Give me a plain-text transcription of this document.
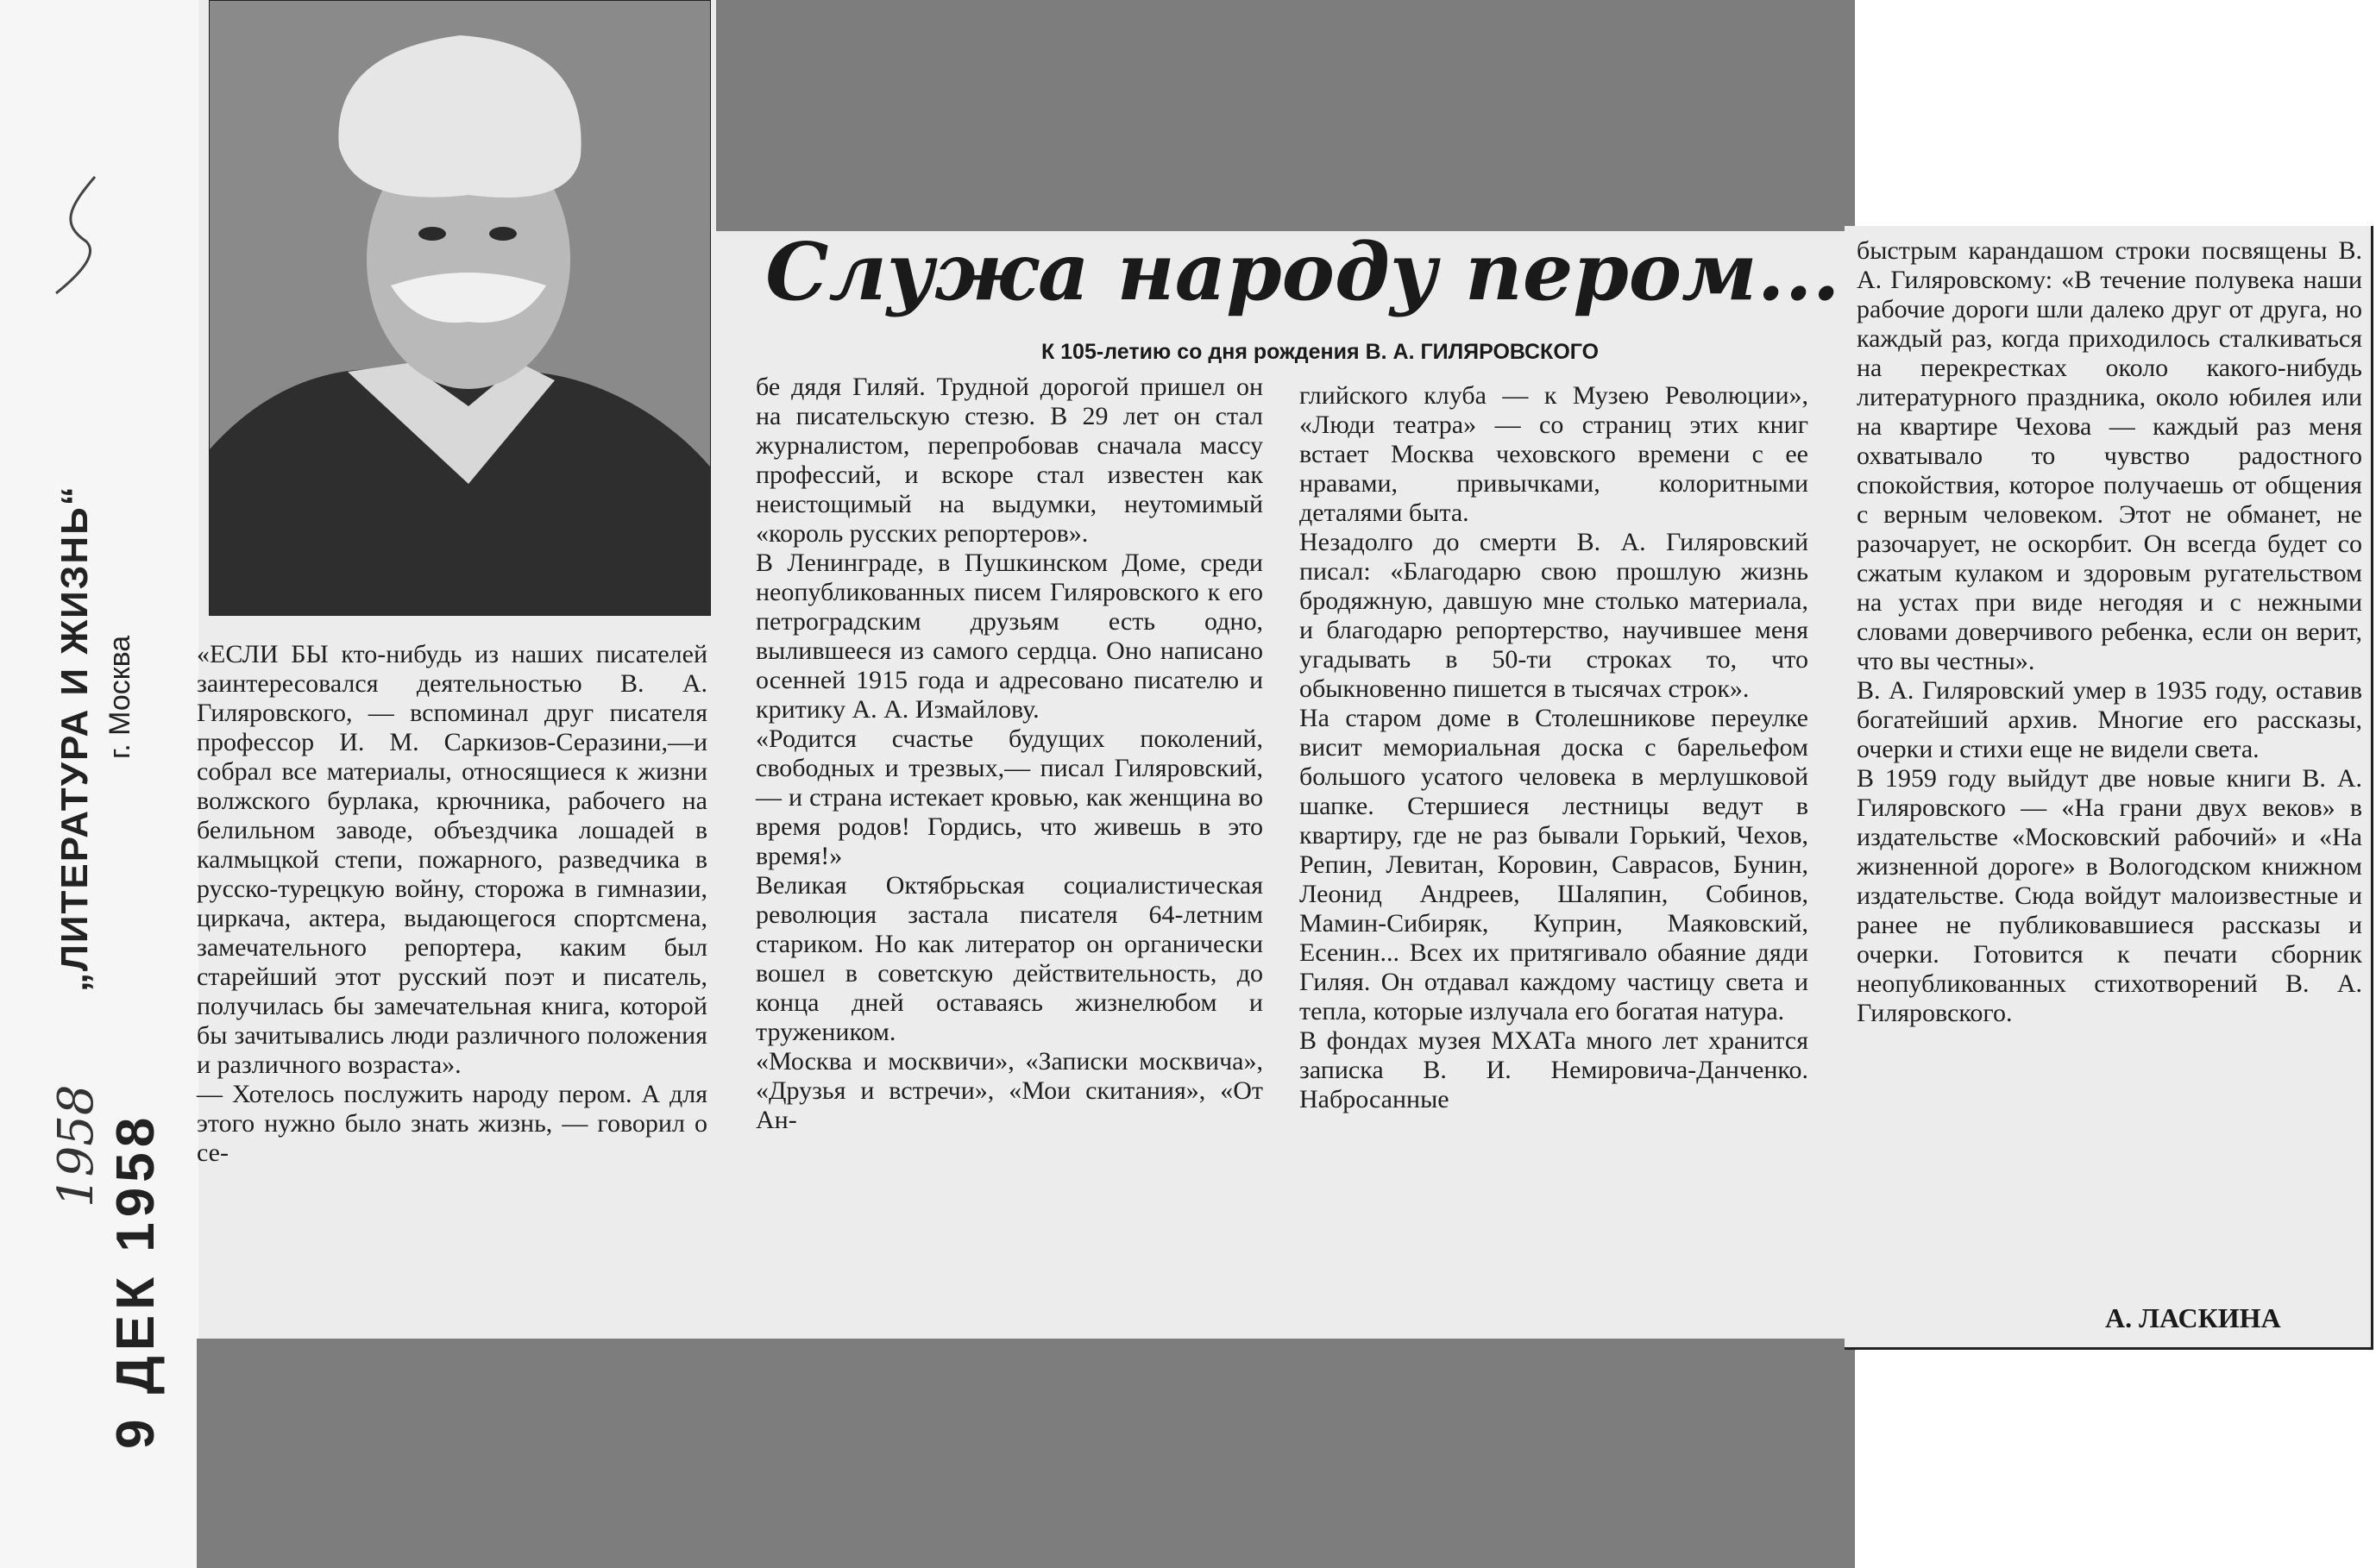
„ЛИТЕРАТУРА И ЖИЗНЬ“ г. Москва
9 ДЕК 1958
1958
Служа народу пером...
К 105-летию со дня рождения В. А. ГИЛЯРОВСКОГО

«ЕСЛИ БЫ кто-нибудь из наших писателей заинтересовался деятельностью В. А. Гиляровского, — вспоминал друг писателя профессор И. М. Саркизов-Серазини,—и собрал все материалы, относящиеся к жизни волжского бурлака, крючника, рабочего на белильном заводе, объездчика лошадей в калмыцкой степи, пожарного, разведчика в русско-турецкую войну, сторожа в гимназии, циркача, актера, выдающегося спортсмена, замечательного репортера, каким был старейший этот русский поэт и писатель, получилась бы замечательная книга, которой бы зачитывались люди различного положения и различного возраста».

— Хотелось послужить народу пером. А для этого нужно было знать жизнь, — говорил о се-

бе дядя Гиляй. Трудной дорогой пришел он на писательскую стезю. В 29 лет он стал журналистом, перепробовав сначала массу профессий, и вскоре стал известен как неистощимый на выдумки, неутомимый «король русских репортеров».

В Ленинграде, в Пушкинском Доме, среди неопубликованных писем Гиляровского к его петроградским друзьям есть одно, вылившееся из самого сердца. Оно написано осенней 1915 года и адресовано писателю и критику А. А. Измайлову.

«Родится счастье будущих поколений, свободных и трезвых,— писал Гиляровский, — и страна истекает кровью, как женщина во время родов! Гордись, что живешь в это время!»

Великая Октябрьская социалистическая революция застала писателя 64-летним стариком. Но как литератор он органически вошел в советскую действительность, до конца дней оставаясь жизнелюбом и тружеником.

«Москва и москвичи», «Записки москвича», «Друзья и встречи», «Мои скитания», «От Ан-

глийского клуба — к Музею Революции», «Люди театра» — со страниц этих книг встает Москва чеховского времени с ее нравами, привычками, колоритными деталями быта.

Незадолго до смерти В. А. Гиляровский писал: «Благодарю свою прошлую жизнь бродяжную, давшую мне столько материала, и благодарю репортерство, научившее меня угадывать в 50-ти строках то, что обыкновенно пишется в тысячах строк».

На старом доме в Столешникове переулке висит мемориальная доска с барельефом большого усатого человека в мерлушковой шапке. Стершиеся лестницы ведут в квартиру, где не раз бывали Горький, Чехов, Репин, Левитан, Коровин, Саврасов, Бунин, Леонид Андреев, Шаляпин, Собинов, Мамин-Сибиряк, Куприн, Маяковский, Есенин... Всех их притягивало обаяние дяди Гиляя. Он отдавал каждому частицу света и тепла, которые излучала его богатая натура.

В фондах музея МХАТа много лет хранится записка В. И. Немировича-Данченко. Набросанные

быстрым карандашом строки посвящены В. А. Гиляровскому: «В течение полувека наши рабочие дороги шли далеко друг от друга, но каждый раз, когда приходилось сталкиваться на перекрестках около какого-нибудь литературного праздника, около юбилея или на квартире Чехова — каждый раз меня охватывало то чувство радостного спокойствия, которое получаешь от общения с верным человеком. Этот не обманет, не разочарует, не оскорбит. Он всегда будет со сжатым кулаком и здоровым ругательством на устах при виде негодяя и с нежными словами доверчивого ребенка, если он верит, что вы честны».

В. А. Гиляровский умер в 1935 году, оставив богатейший архив. Многие его рассказы, очерки и стихи еще не видели света.

В 1959 году выйдут две новые книги В. А. Гиляровского — «На грани двух веков» в издательстве «Московский рабочий» и «На жизненной дороге» в Вологодском книжном издательстве. Сюда войдут малоизвестные и ранее не публиковавшиеся рассказы и очерки. Готовится к печати сборник неопубликованных стихотворений В. А. Гиляровского.

А. ЛАСКИНА
